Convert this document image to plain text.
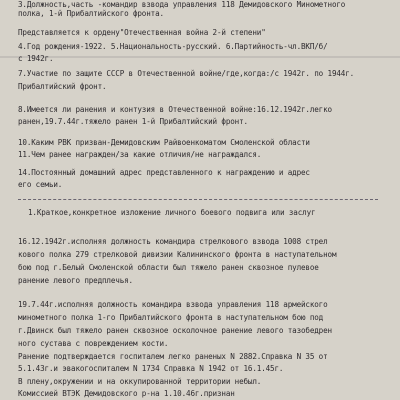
3.Должность,часть -командир взвода управления 118 Демидовского Минометного
полка, 1-й Прибалтийского фронта.
Представляется к ордену"Отечественная война 2-й степени"
4.Год рождения-1922. 5.Национальность-русский. 6.Партийность-чл.ВКП/б/
с 1942г.
7.Участие по защите СССР в Отечественной войне/где,когда:/с 1942г. по 1944г.
Прибалтийский фронт.
8.Имеется ли ранения и контузия в Отечественной войне:16.12.1942г.легко
ранен,19.7.44г.тяжело ранен 1-й Прибалтийский фронт.
10.Каким РВК призван-Демидовским Райвоенкоматом Смоленской области
11.Чем ранее награжден/за какие отличия/не награждался.
14.Постоянный домашний адрес представленного к награждению и адрес
его семьи.
1.Краткое,конкретное изложение личного боевого подвига или заслуг
16.12.1942г.исполняя должность командира стрелкового взвода 1008 стрел
кового полка 279 стрелковой дивизии Калининского фронта в наступательном
бою под г.Белый Смоленской области был тяжело ранен сквозное пулевое
ранение левого предплечья.
19.7.44г.исполняя должность командира взвода управления 118 армейского
минометного полка 1-го Прибалтийского фронта в наступательном бою под
г.Двинск был тяжело ранен сквозное осколочное ранение левого тазобедрен
ного сустава с повреждением кости.
Ранение подтверждается госпиталем легко раненых N 2882.Справка N 35 от
5.1.43г.и эвакогоспиталем N 1734 Справка N 1942 от 16.1.45г.
В плену,окружении и на оккупированной территории небыл.
Комиссией ВТЭК Демидовского р-на 1.10.46г.признан
